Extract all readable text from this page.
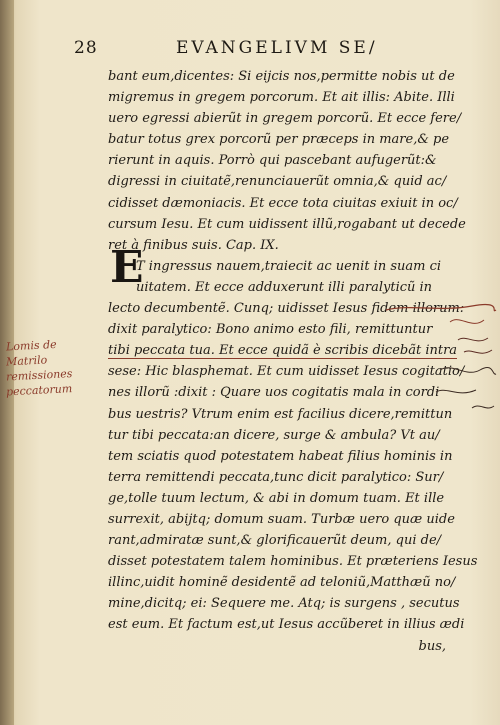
28	EVANGELIVM SE/
bant eum,dicentes: Si eijcis nos,permitte nobis ut de
migremus in gregem porcorum. Et ait illis: Abite. Illi
uero egressi abierũt in gregem porcorũ. Et ecce fere/
batur totus grex porcorũ per præceps in mare,& pe
rierunt in aquis. Porrò qui pascebant aufugerũt:&
digressi in ciuitatẽ,renunciauerũt omnia,& quid ac/
cidisset dæmoniacis. Et ecce tota ciuitas exiuit in oc/
cursum Iesu. Et cum uidissent illũ,rogabant ut decede
ret à finibus suis. Cap. IX.
T ingressus nauem,traiecit ac uenit in suam ci
uitatem. Et ecce adduxerunt illi paralyticũ in
lecto decumbentẽ. Cunq; uidisset Iesus fidem illorum:
dixit paralytico: Bono animo esto fili, remittuntur
tibi peccata tua. Et ecce quidã è scribis dicebãt intra
sese: Hic blasphemat. Et cum uidisset Iesus cogitatio/
nes illorũ :dixit : Quare uos cogitatis mala in cordi
bus uestris? Vtrum enim est facilius dicere,remittun
tur tibi peccata:an dicere, surge & ambula? Vt au/
tem sciatis quod potestatem habeat filius hominis in
terra remittendi peccata,tunc dicit paralytico: Sur/
ge,tolle tuum lectum, & abi in domum tuam. Et ille
surrexit, abijtq; domum suam. Turbæ uero quæ uide
rant,admiratæ sunt,& glorificauerũt deum, qui de/
disset potestatem talem hominibus. Et præteriens Iesus
illinc,uidit hominẽ desidentẽ ad teloniũ,Matthæũ no/
mine,dicitq; ei: Sequere me. Atq; is surgens , secutus
est eum. Et factum est,ut Iesus accũberet in illius ædi
E
bus,
Lomis de
Matrilo
remissiones
peccatorum
